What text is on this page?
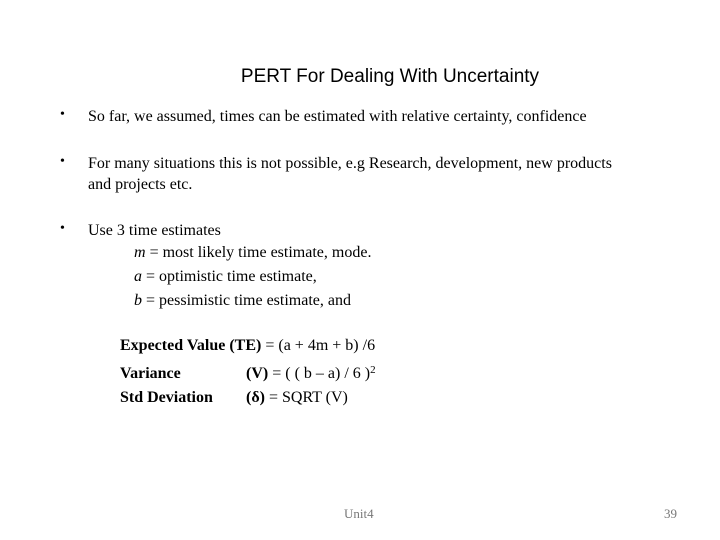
PERT For Dealing With Uncertainty
• So far, we assumed, times can be estimated with relative certainty, confidence
• For many situations this is not possible, e.g Research, development, new products and projects etc.
• Use 3 time estimates
m = most likely time estimate, mode.
a = optimistic time estimate,
b = pessimistic time estimate, and
Expected Value (TE) = (a + 4m + b) /6
Variance	(V) = ( ( b – a) / 6 )$^2$
Std Deviation (δ) = SQRT (V)
Unit4	39
